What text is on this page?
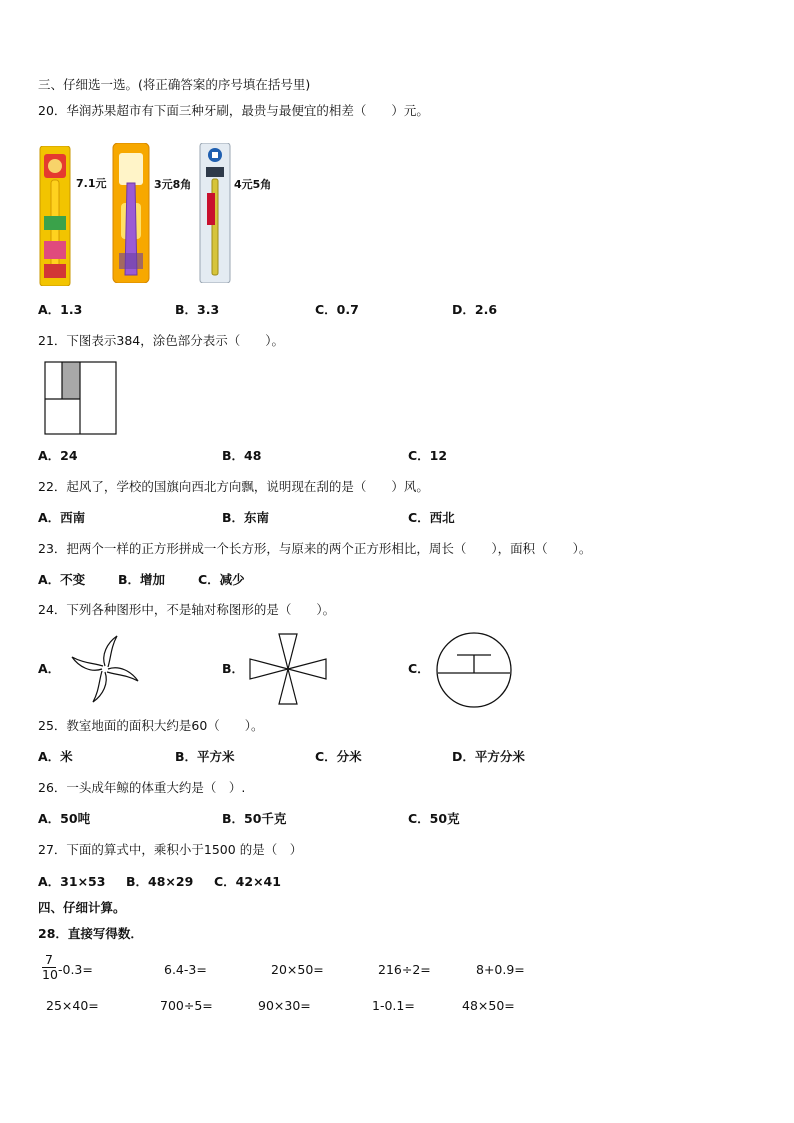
三、仔细选一选。(将正确答案的序号填在括号里)
20．华润苏果超市有下面三种牙刷，最贵与最便宜的相差（　　）元。
7.1元	3元8角	4元5角
A．1.3	B．3.3	C．0.7	D．2.6
21．下图表示384，涂色部分表示（　　）。
A．24	B．48	C．12
22．起风了，学校的国旗向西北方向飘，说明现在刮的是（　　）风。
A．西南	B．东南	C．西北
23．把两个一样的正方形拼成一个长方形，与原来的两个正方形相比，周长（　　），面积（　　）。
A．不变	B．增加	C．减少
24．下列各种图形中，不是轴对称图形的是（　　）。
A．	B．	C．
25．教室地面的面积大约是60（　　）。
A．米	B．平方米	C．分米	D．平方分米
26．一头成年鲸的体重大约是（　）.
A．50吨	B．50千克	C．50克
27．下面的算式中，乘积小于1500 的是（　）
A．31×53 B．48×29 C．42×41
四、仔细计算。
28．直接写得数．
$\frac{7}{10} -0.3=$	6.4-3=	20×50=	216÷2=	8+0.9=
25×40=	700÷5=	90×30=	1-0.1=	48×50=
